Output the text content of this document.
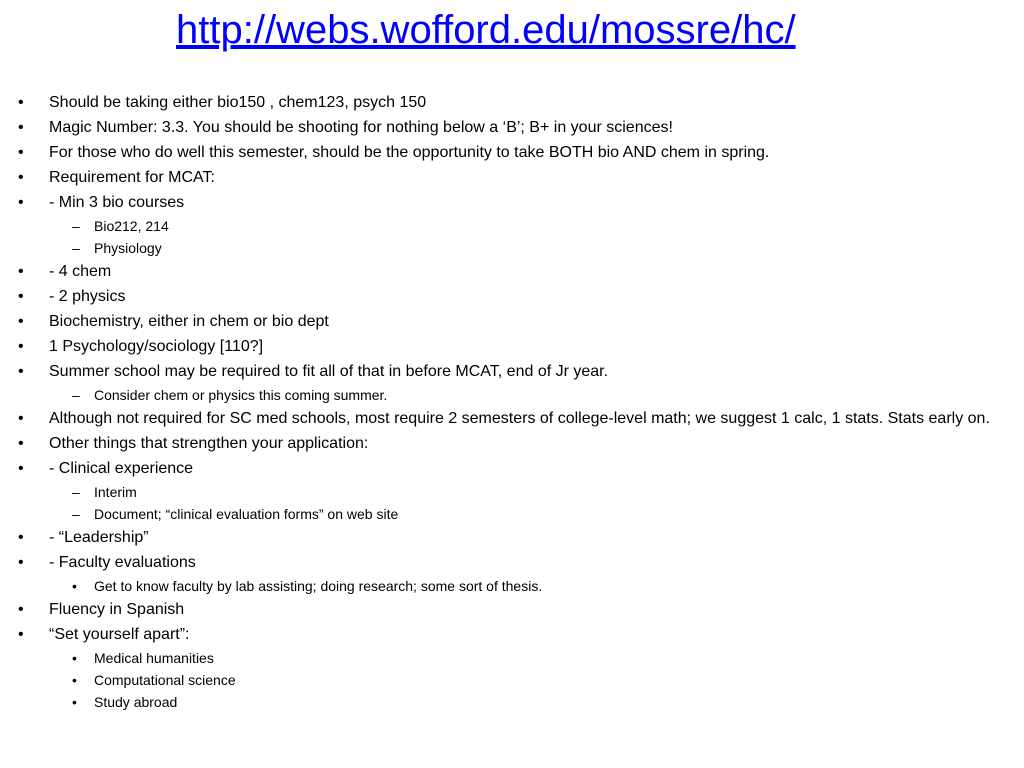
http://webs.wofford.edu/mossre/hc/
• Should be taking either bio150 , chem123, psych 150
• Magic Number: 3.3. You should be shooting for nothing below a ‘B’; B+ in your sciences!
• For those who do well this semester, should be the opportunity to take BOTH bio AND chem in spring.
• Requirement for MCAT:
• - Min 3 bio courses
– Bio212, 214
– Physiology
• - 4 chem
• - 2 physics
• Biochemistry, either in chem or bio dept
• 1 Psychology/sociology [110?]
• Summer school may be required to fit all of that in before MCAT, end of Jr year.
– Consider chem or physics this coming summer.
• Although not required for SC med schools, most require 2 semesters of college-level math; we suggest 1 calc, 1 stats. Stats early on.
• Other things that strengthen your application:
• - Clinical experience
– Interim
– Document; “clinical evaluation forms” on web site
• - “Leadership”
• - Faculty evaluations
• Get to know faculty by lab assisting; doing research; some sort of thesis.
• Fluency in Spanish
• “Set yourself apart”:
• Medical humanities
• Computational science
• Study abroad
